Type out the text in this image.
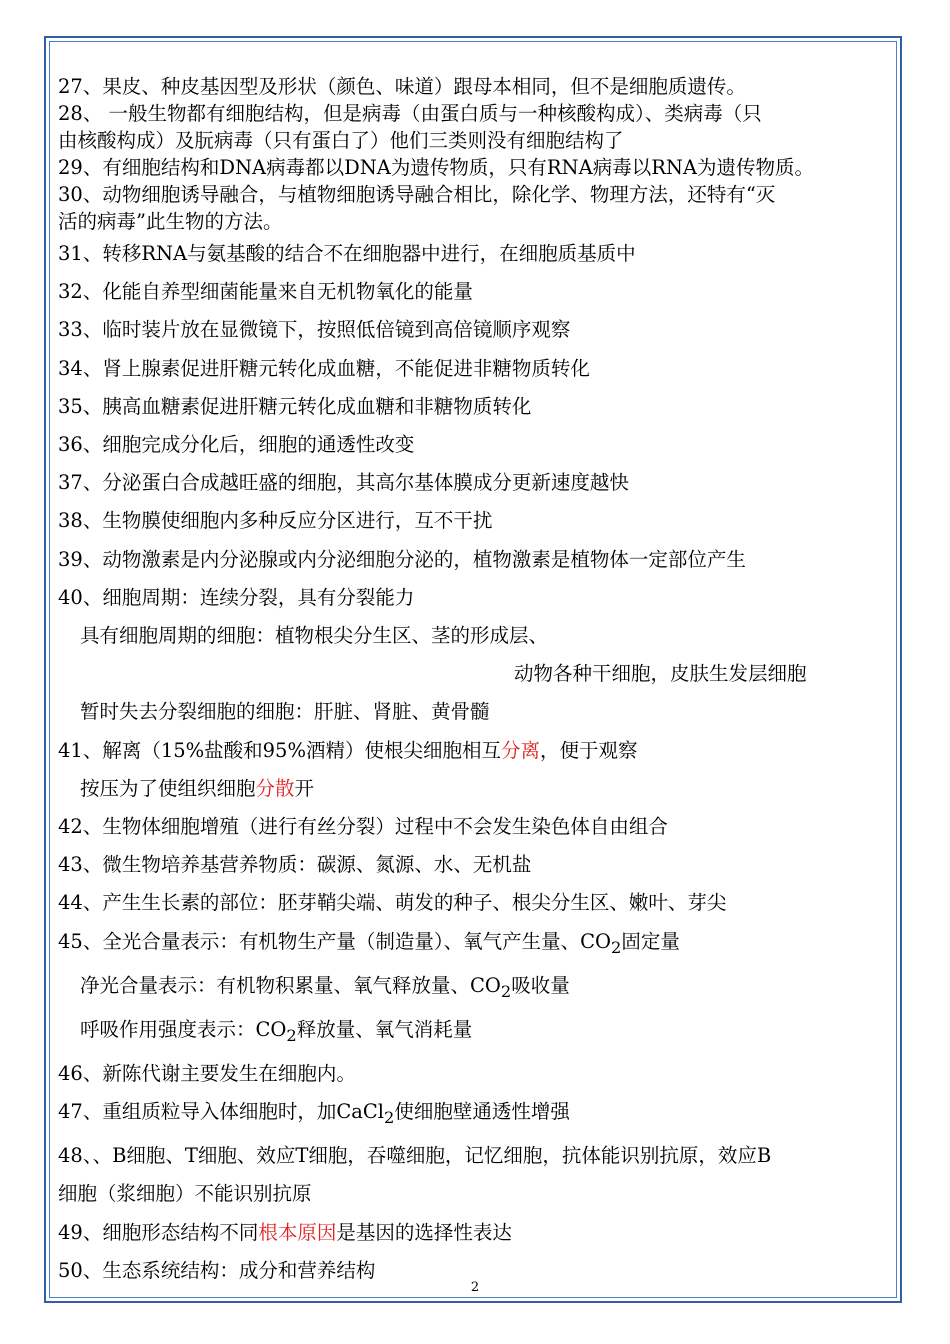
27、果皮、种皮基因型及形状（颜色、味道）跟母本相同，但不是细胞质遗传。
28、 一般生物都有细胞结构，但是病毒（由蛋白质与一种核酸构成）、类病毒（只
由核酸构成）及朊病毒（只有蛋白了）他们三类则没有细胞结构了
29、有细胞结构和DNA病毒都以DNA为遗传物质，只有RNA病毒以RNA为遗传物质。
30、动物细胞诱导融合，与植物细胞诱导融合相比，除化学、物理方法，还特有“灭
活的病毒”此生物的方法。
31、转移RNA与氨基酸的结合不在细胞器中进行，在细胞质基质中
32、化能自养型细菌能量来自无机物氧化的能量
33、临时装片放在显微镜下，按照低倍镜到高倍镜顺序观察
34、肾上腺素促进肝糖元转化成血糖，不能促进非糖物质转化
35、胰高血糖素促进肝糖元转化成血糖和非糖物质转化
36、细胞完成分化后，细胞的通透性改变
37、分泌蛋白合成越旺盛的细胞，其高尔基体膜成分更新速度越快
38、生物膜使细胞内多种反应分区进行，互不干扰
39、动物激素是内分泌腺或内分泌细胞分泌的，植物激素是植物体一定部位产生
40、细胞周期：连续分裂，具有分裂能力
具有细胞周期的细胞：植物根尖分生区、茎的形成层、
动物各种干细胞，皮肤生发层细胞
暂时失去分裂细胞的细胞：肝脏、肾脏、黄骨髓
41、解离（15%盐酸和95%酒精）使根尖细胞相互分离，便于观察
按压为了使组织细胞分散开
42、生物体细胞增殖（进行有丝分裂）过程中不会发生染色体自由组合
43、微生物培养基营养物质：碳源、氮源、水、无机盐
44、产生生长素的部位：胚芽鞘尖端、萌发的种子、根尖分生区、嫩叶、芽尖
45、全光合量表示：有机物生产量（制造量）、氧气产生量、$CO_2$固定量
净光合量表示：有机物积累量、氧气释放量、$CO_2$吸收量
呼吸作用强度表示：$CO_2$释放量、氧气消耗量
46、新陈代谢主要发生在细胞内。
47、重组质粒导入体细胞时，加CaCl$_2$使细胞壁通透性增强
48、、B细胞、T细胞、效应T细胞，吞噬细胞，记忆细胞，抗体能识别抗原，效应B
细胞（浆细胞）不能识别抗原
49、细胞形态结构不同根本原因是基因的选择性表达
50、生态系统结构：成分和营养结构
2
